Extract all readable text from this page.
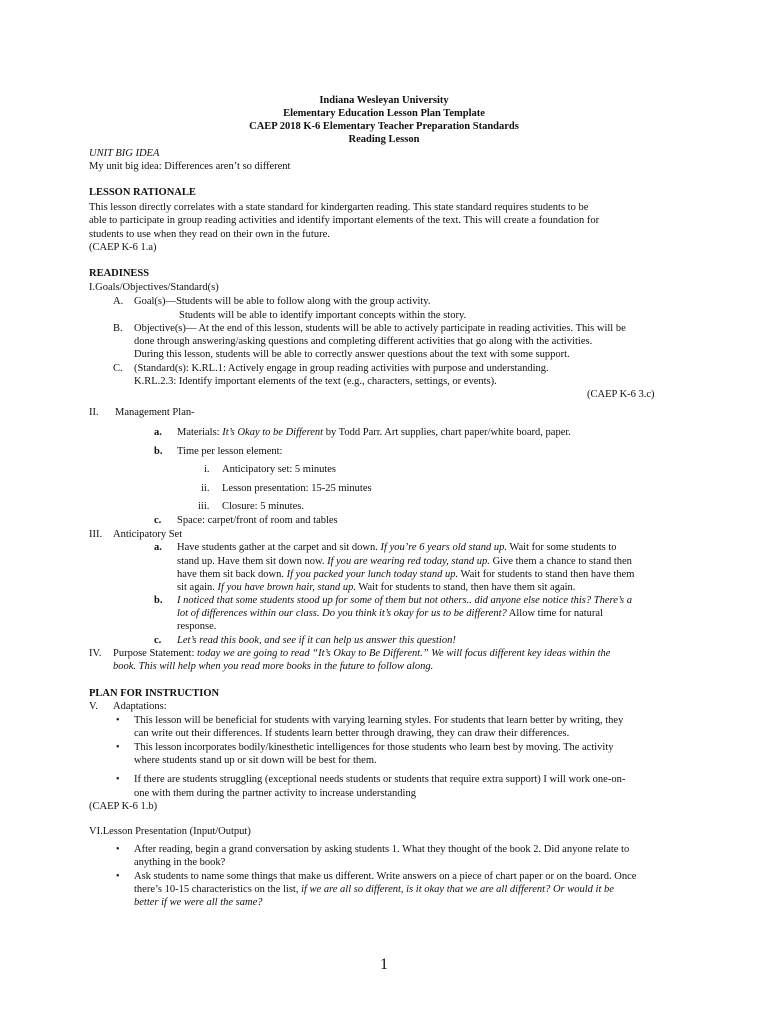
Indiana Wesleyan University
Elementary Education Lesson Plan Template
CAEP 2018 K-6 Elementary Teacher Preparation Standards
Reading Lesson
UNIT BIG IDEA
My unit big idea: Differences aren’t so different
LESSON RATIONALE
This lesson directly correlates with a state standard for kindergarten reading. This state standard requires students to be
able to participate in group reading activities and identify important elements of the text. This will create a foundation for
students to use when they read on their own in the future.
(CAEP K-6 1.a)
READINESS
I.Goals/Objectives/Standard(s)
A. Goal(s)—Students will be able to follow along with the group activity.
Students will be able to identify important concepts within the story.
B. Objective(s)— At the end of this lesson, students will be able to actively participate in reading activities. This will be
done through answering/asking questions and completing different activities that go along with the activities.
During this lesson, students will be able to correctly answer questions about the text with some support.
C. (Standard(s): K.RL.1: Actively engage in group reading activities with purpose and understanding.
K.RL.2.3: Identify important elements of the text (e.g., characters, settings, or events).
(CAEP K-6 3.c)
II. Management Plan-
a. Materials: It’s Okay to be Different by Todd Parr. Art supplies, chart paper/white board, paper.
b. Time per lesson element:
i. Anticipatory set: 5 minutes
ii. Lesson presentation: 15-25 minutes
iii. Closure: 5 minutes.
c. Space: carpet/front of room and tables
III. Anticipatory Set
a. Have students gather at the carpet and sit down. If you’re 6 years old stand up. Wait for some students to
stand up. Have them sit down now. If you are wearing red today, stand up. Give them a chance to stand then
have them sit back down. If you packed your lunch today stand up. Wait for students to stand then have them
sit again. If you have brown hair, stand up. Wait for students to stand, then have them sit again.
b. I noticed that some students stood up for some of them but not others.. did anyone else notice this? There’s a
lot of differences within our class. Do you think it’s okay for us to be different? Allow time for natural
response.
c. Let’s read this book, and see if it can help us answer this question!
IV. Purpose Statement: today we are going to read “It’s Okay to Be Different.” We will focus different key ideas within the
book. This will help when you read more books in the future to follow along.
PLAN FOR INSTRUCTION
V. Adaptations:
• This lesson will be beneficial for students with varying learning styles. For students that learn better by writing, they
can write out their differences. If students learn better through drawing, they can draw their differences.
• This lesson incorporates bodily/kinesthetic intelligences for those students who learn best by moving. The activity
where students stand up or sit down will be best for them.
• If there are students struggling (exceptional needs students or students that require extra support) I will work one-on-
one with them during the partner activity to increase understanding
(CAEP K-6 1.b)
VI.Lesson Presentation (Input/Output)
• After reading, begin a grand conversation by asking students 1. What they thought of the book 2. Did anyone relate to
anything in the book?
• Ask students to name some things that make us different. Write answers on a piece of chart paper or on the board. Once
there’s 10-15 characteristics on the list, if we are all so different, is it okay that we are all different? Or would it be
better if we were all the same?
1
